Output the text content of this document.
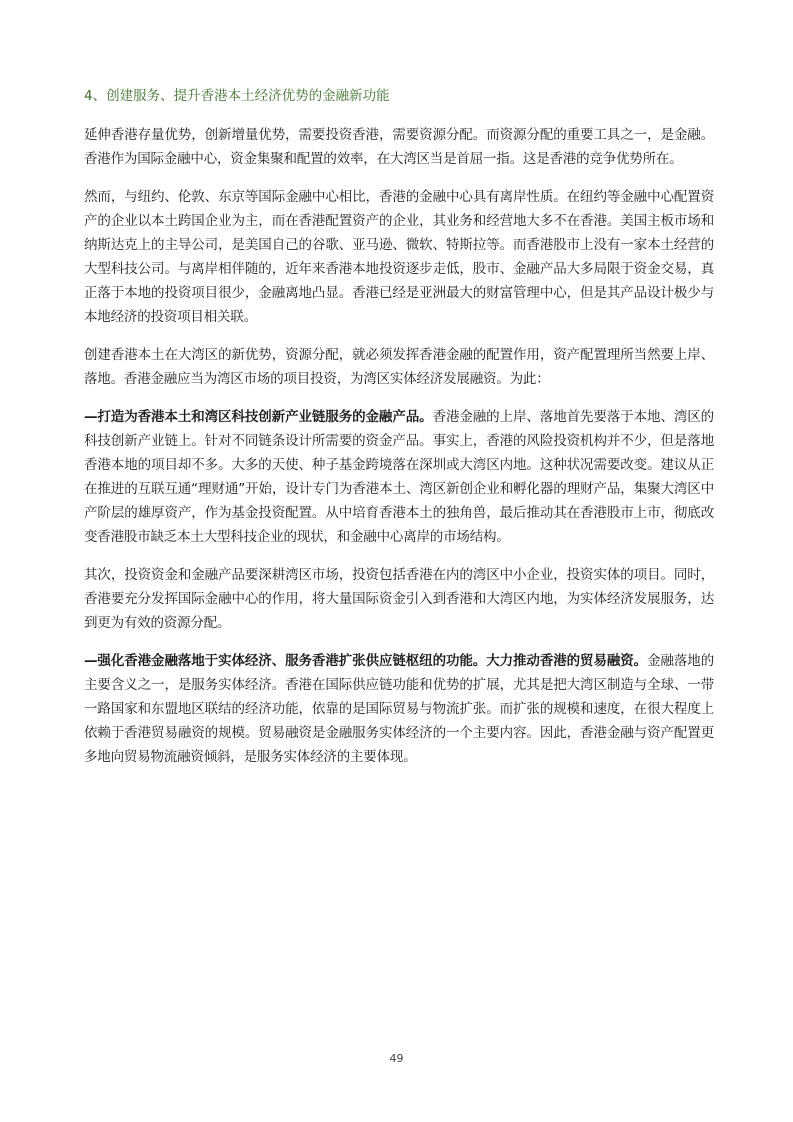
4、创建服务、提升香港本土经济优势的金融新功能

延伸香港存量优势，创新增量优势，需要投资香港，需要资源分配。而资源分配的重要工具之一，是金融。香港作为国际金融中心，资金集聚和配置的效率，在大湾区当是首屈一指。这是香港的竞争优势所在。

然而，与纽约、伦敦、东京等国际金融中心相比，香港的金融中心具有离岸性质。在纽约等金融中心配置资产的企业以本土跨国企业为主，而在香港配置资产的企业，其业务和经营地大多不在香港。美国主板市场和纳斯达克上的主导公司，是美国自己的谷歌、亚马逊、微软、特斯拉等。而香港股市上没有一家本土经营的大型科技公司。与离岸相伴随的，近年来香港本地投资逐步走低，股市、金融产品大多局限于资金交易，真正落于本地的投资项目很少，金融离地凸显。香港已经是亚洲最大的财富管理中心，但是其产品设计极少与本地经济的投资项目相关联。

创建香港本土在大湾区的新优势，资源分配，就必须发挥香港金融的配置作用，资产配置理所当然要上岸、落地。香港金融应当为湾区市场的项目投资，为湾区实体经济发展融资。为此：

—打造为香港本土和湾区科技创新产业链服务的金融产品。香港金融的上岸、落地首先要落于本地、湾区的科技创新产业链上。针对不同链条设计所需要的资金产品。事实上，香港的风险投资机构并不少，但是落地香港本地的项目却不多。大多的天使、种子基金跨境落在深圳或大湾区内地。这种状况需要改变。建议从正在推进的互联互通“理财通”开始，设计专门为香港本土、湾区新创企业和孵化器的理财产品，集聚大湾区中产阶层的雄厚资产，作为基金投资配置。从中培育香港本土的独角兽，最后推动其在香港股市上市，彻底改变香港股市缺乏本土大型科技企业的现状，和金融中心离岸的市场结构。

其次，投资资金和金融产品要深耕湾区市场，投资包括香港在内的湾区中小企业，投资实体的项目。同时，香港要充分发挥国际金融中心的作用，将大量国际资金引入到香港和大湾区内地，为实体经济发展服务，达到更为有效的资源分配。

—强化香港金融落地于实体经济、服务香港扩张供应链枢纽的功能。大力推动香港的贸易融资。金融落地的主要含义之一，是服务实体经济。香港在国际供应链功能和优势的扩展，尤其是把大湾区制造与全球、一带一路国家和东盟地区联结的经济功能，依靠的是国际贸易与物流扩张。而扩张的规模和速度，在很大程度上依赖于香港贸易融资的规模。贸易融资是金融服务实体经济的一个主要内容。因此，香港金融与资产配置更多地向贸易物流融资倾斜，是服务实体经济的主要体现。

49
